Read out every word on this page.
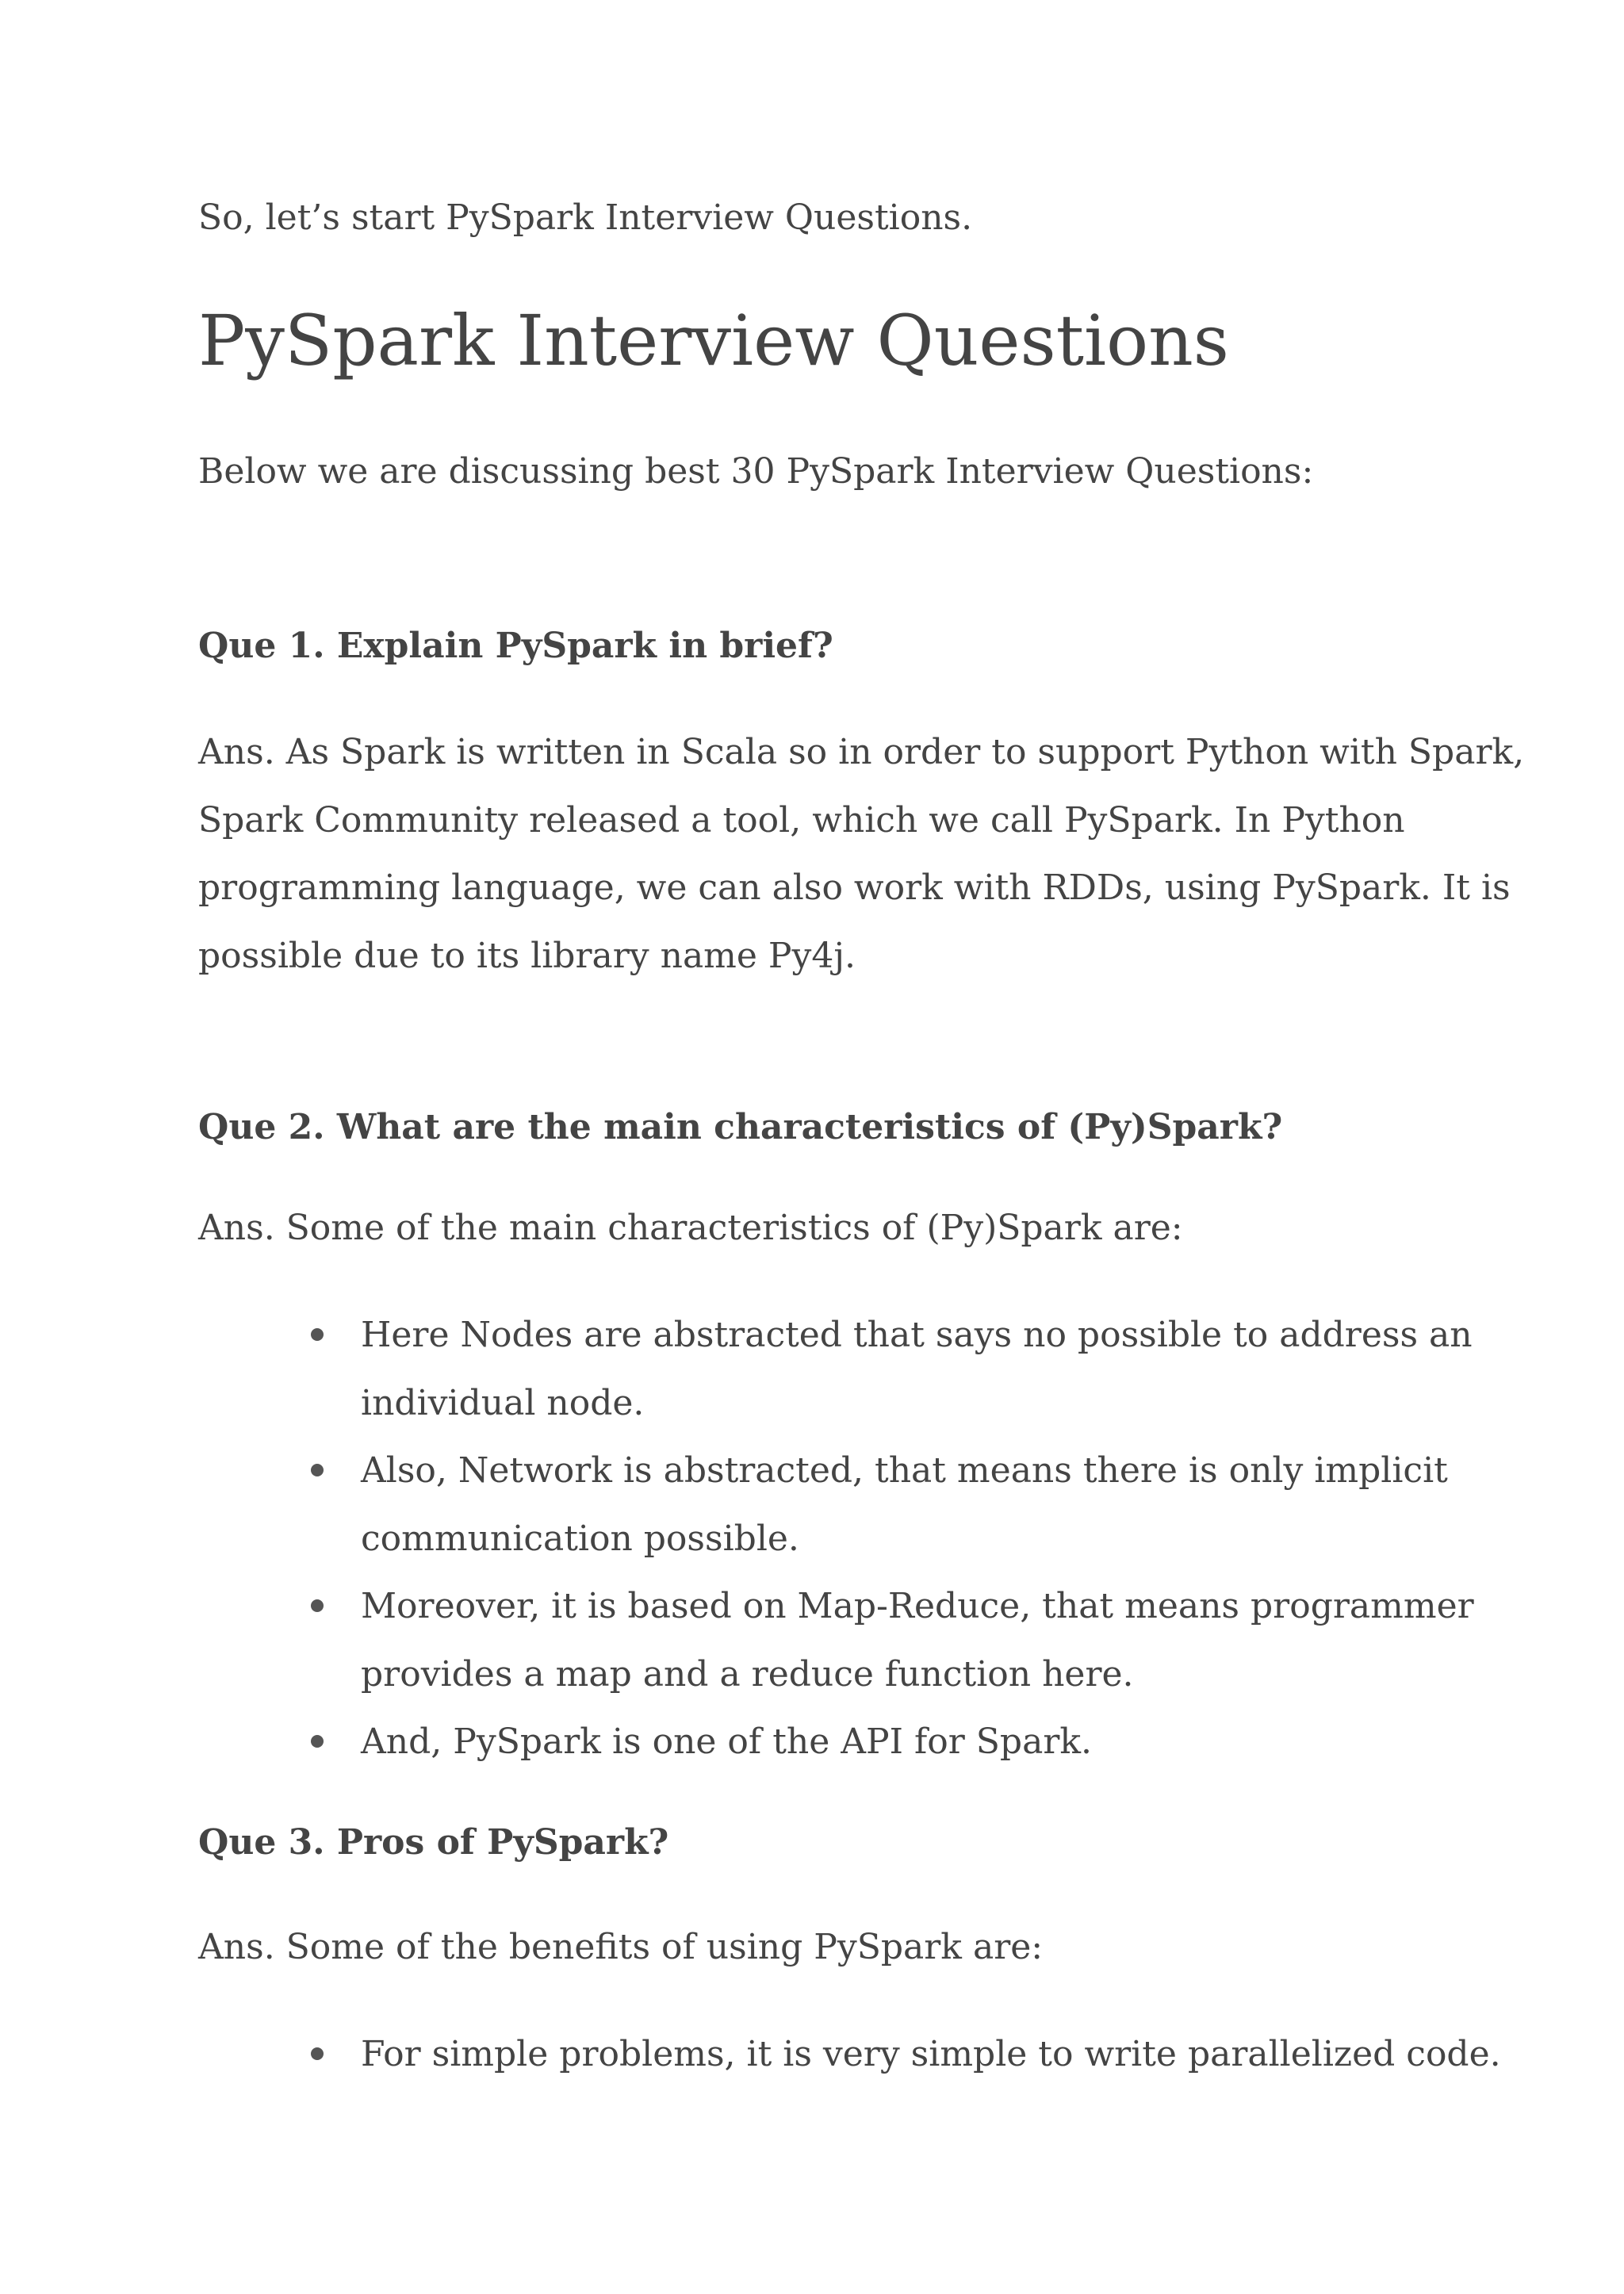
So, let’s start PySpark Interview Questions.

PySpark Interview Questions

Below we are discussing best 30 PySpark Interview Questions:

Que 1. Explain PySpark in brief?

Ans. As Spark is written in Scala so in order to support Python with Spark,
Spark Community released a tool, which we call PySpark. In Python
programming language, we can also work with RDDs, using PySpark. It is
possible due to its library name Py4j.

Que 2. What are the main characteristics of (Py)Spark?

Ans. Some of the main characteristics of (Py)Spark are:

Here Nodes are abstracted that says no possible to address an
individual node.
Also, Network is abstracted, that means there is only implicit
communication possible.
Moreover, it is based on Map-Reduce, that means programmer
provides a map and a reduce function here.
And, PySpark is one of the API for Spark.

Que 3. Pros of PySpark?

Ans. Some of the benefits of using PySpark are:

For simple problems, it is very simple to write parallelized code.
